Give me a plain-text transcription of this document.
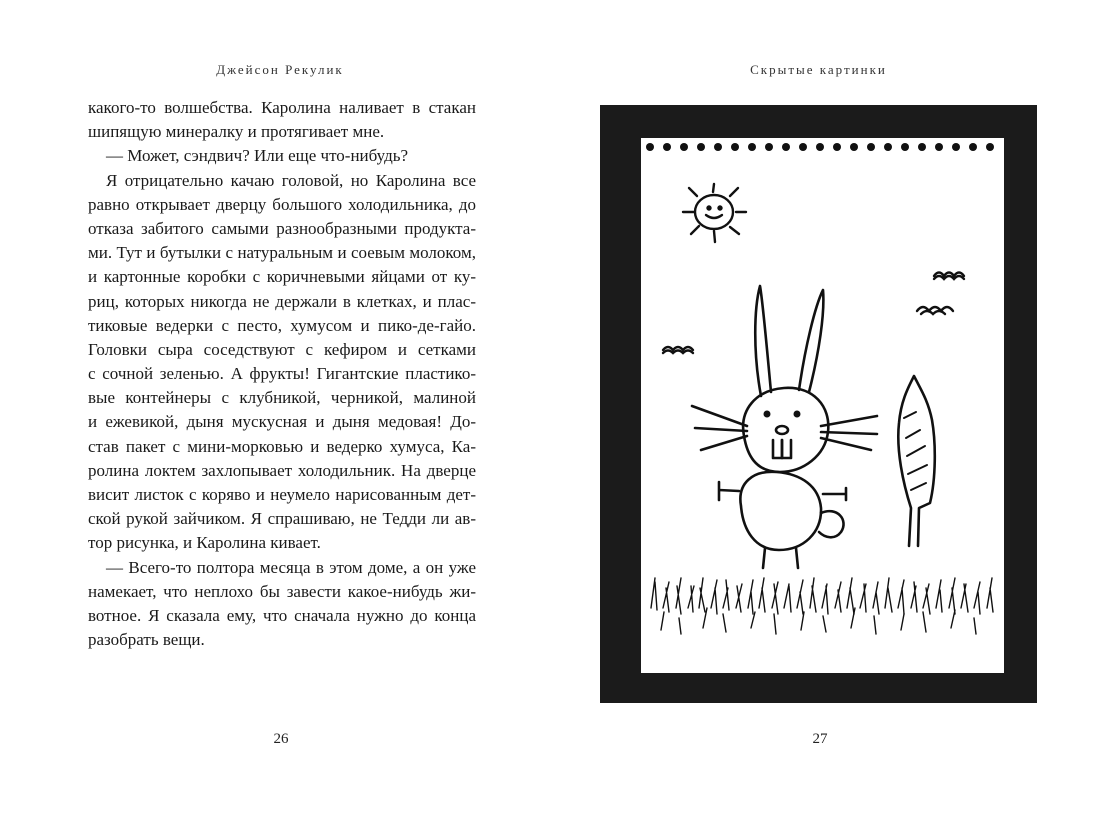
Джейсон Рекулик
какого-то волшебства. Каролина наливает в стакан
шипящую минералку и протягивает мне.
— Может, сэндвич? Или еще что-нибудь?
Я отрицательно качаю головой, но Каролина все
равно открывает дверцу большого холодильника, до
отказа забитого самыми разнообразными продукта-
ми. Тут и бутылки с натуральным и соевым молоком,
и картонные коробки с коричневыми яйцами от ку-
риц, которых никогда не держали в клетках, и плас-
тиковые ведерки с песто, хумусом и пико-де-гайо.
Головки сыра соседствуют с кефиром и сетками
с сочной зеленью. А фрукты! Гигантские пластико-
вые контейнеры с клубникой, черникой, малиной
и ежевикой, дыня мускусная и дыня медовая! До-
став пакет с мини-морковью и ведерко хумуса, Ка-
ролина локтем захлопывает холодильник. На дверце
висит листок с коряво и неумело нарисованным дет-
ской рукой зайчиком. Я спрашиваю, не Тедди ли ав-
тор рисунка, и Каролина кивает.
— Всего-то полтора месяца в этом доме, а он уже
намекает, что неплохо бы завести какое-нибудь жи-
вотное. Я сказала ему, что сначала нужно до конца
разобрать вещи.
26
Скрытые картинки
27
